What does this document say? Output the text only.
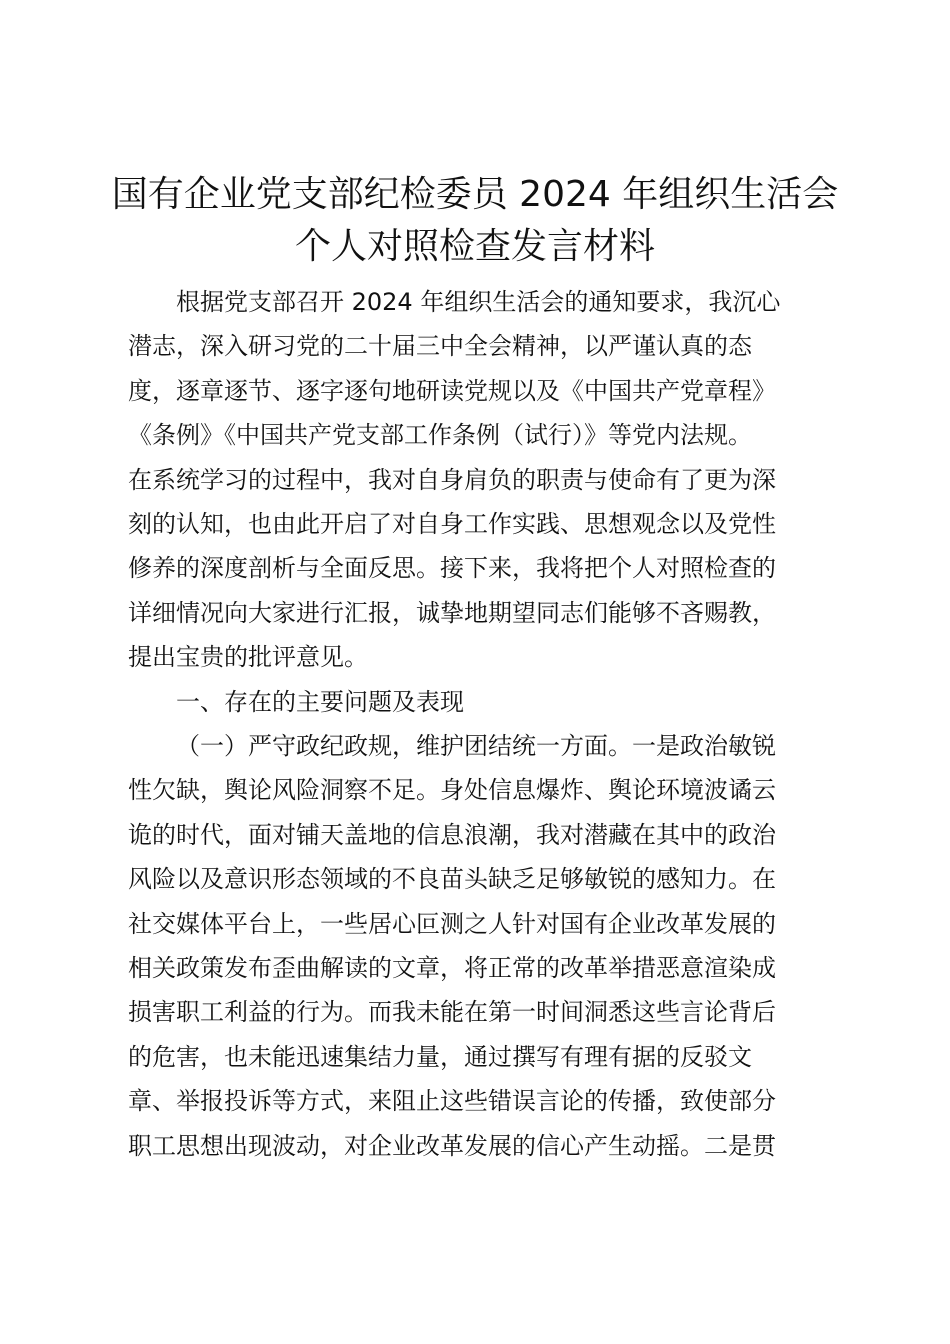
国有企业党支部纪检委员 2024 年组织生活会
个人对照检查发言材料
根据党支部召开 2024 年组织生活会的通知要求，我沉心
潜志，深入研习党的二十届三中全会精神，以严谨认真的态
度，逐章逐节、逐字逐句地研读党规以及《中国共产党章程》
《条例》《中国共产党支部工作条例（试行）》等党内法规。
在系统学习的过程中，我对自身肩负的职责与使命有了更为深
刻的认知，也由此开启了对自身工作实践、思想观念以及党性
修养的深度剖析与全面反思。接下来，我将把个人对照检查的
详细情况向大家进行汇报，诚挚地期望同志们能够不吝赐教，
提出宝贵的批评意见。
一、存在的主要问题及表现
（一）严守政纪政规，维护团结统一方面。一是政治敏锐
性欠缺，舆论风险洞察不足。身处信息爆炸、舆论环境波谲云
诡的时代，面对铺天盖地的信息浪潮，我对潜藏在其中的政治
风险以及意识形态领域的不良苗头缺乏足够敏锐的感知力。在
社交媒体平台上，一些居心叵测之人针对国有企业改革发展的
相关政策发布歪曲解读的文章，将正常的改革举措恶意渲染成
损害职工利益的行为。而我未能在第一时间洞悉这些言论背后
的危害，也未能迅速集结力量，通过撰写有理有据的反驳文
章、举报投诉等方式，来阻止这些错误言论的传播，致使部分
职工思想出现波动，对企业改革发展的信心产生动摇。二是贯
